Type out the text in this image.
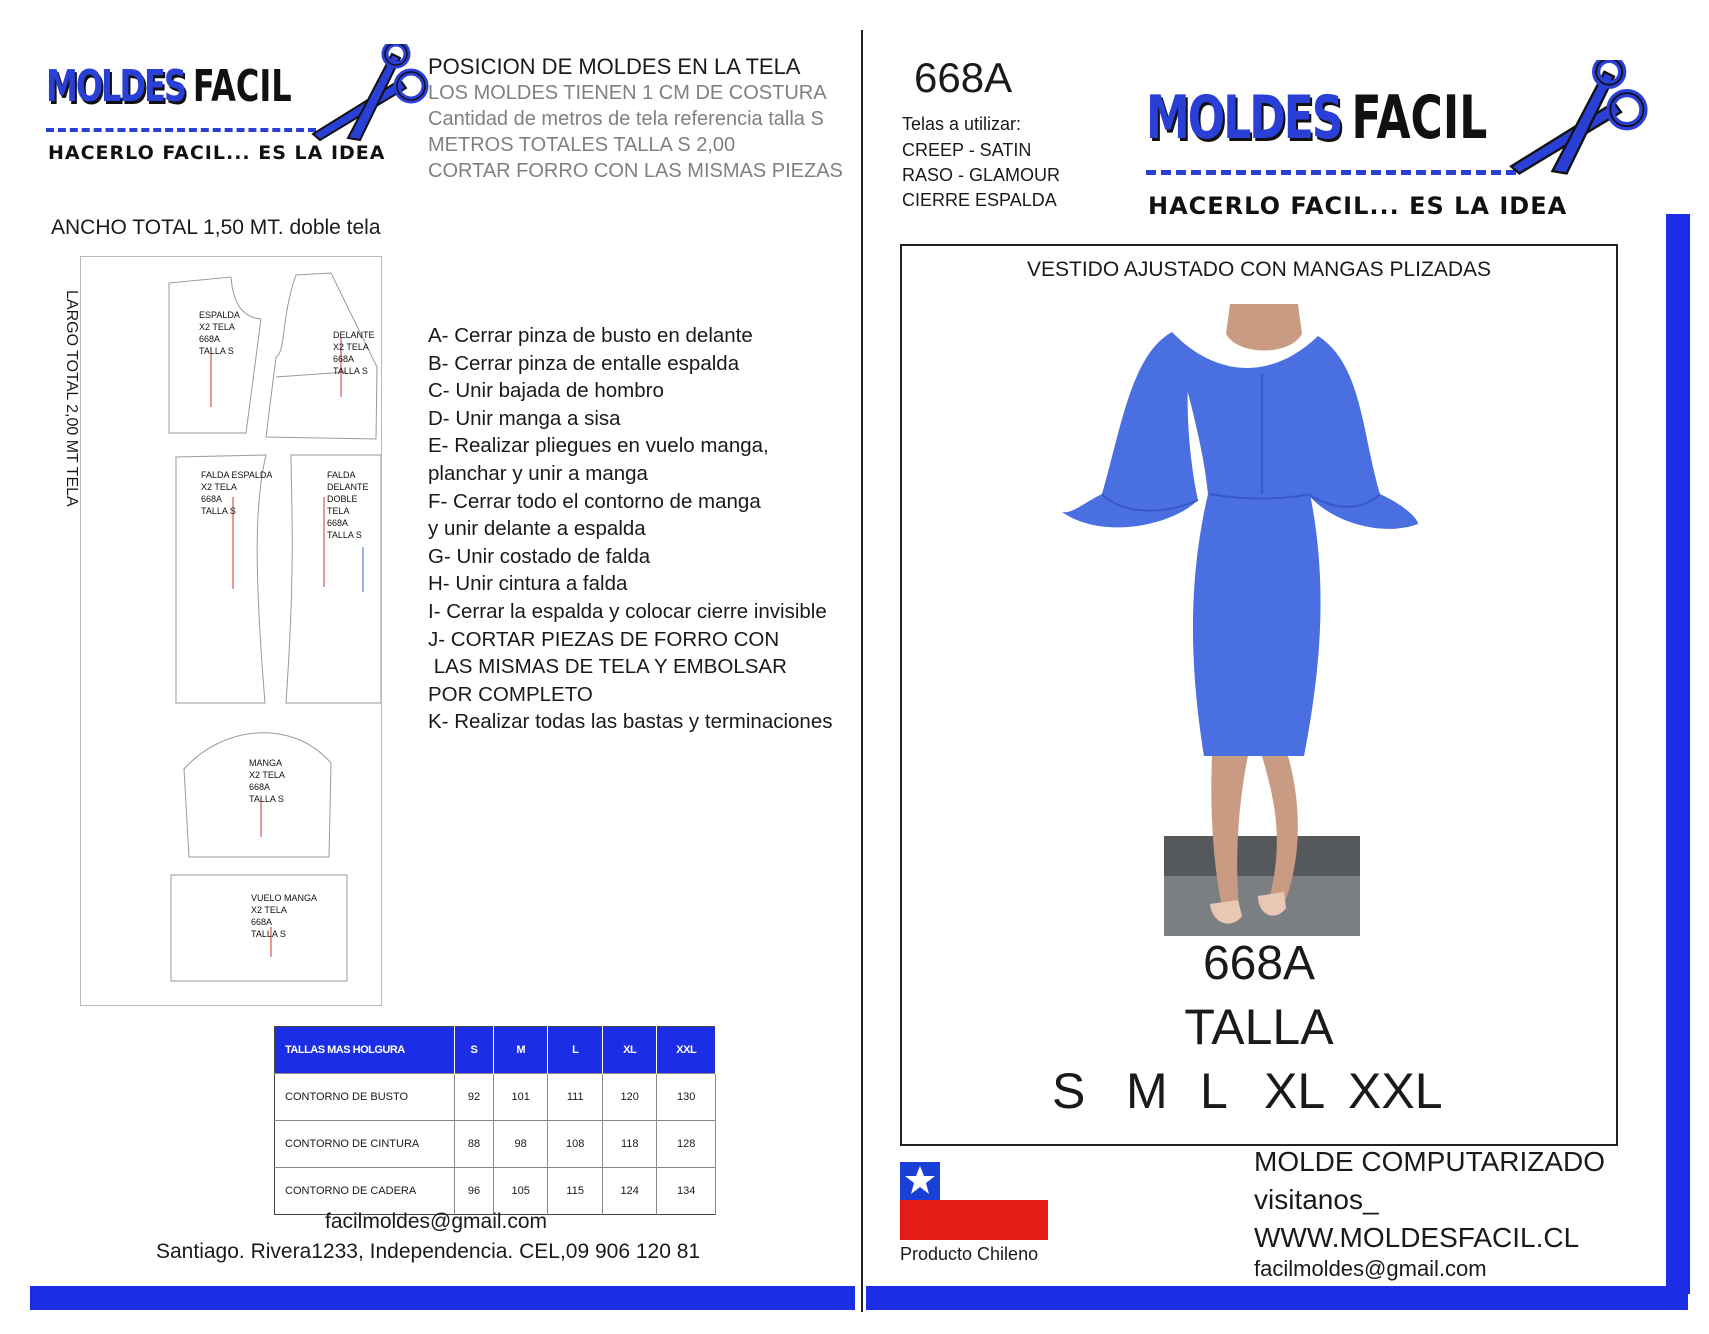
MOLDES FACIL
HACERLO FACIL... ES LA IDEA
POSICION DE MOLDES EN LA TELA
LOS MOLDES TIENEN 1 CM DE COSTURA
Cantidad de metros de tela referencia talla S
METROS TOTALES TALLA S 2,00
CORTAR FORRO CON LAS MISMAS PIEZAS
ANCHO TOTAL 1,50 MT. doble tela
LARGO TOTAL 2,00 MT TELA	ESPALDA
X2 TELA
668A
TALLA S
DELANTE
X2 TELA
668A
TALLA S
FALDA ESPALDA
X2 TELA
668A
TALLA S
FALDA DELANTE
DOBLE TELA
668A
TALLA S
MANGA
X2 TELA
668A
TALLA S
VUELO MANGA
X2 TELA
668A
TALLA S
A- Cerrar pinza de busto en delante
B- Cerrar pinza de entalle espalda
C- Unir bajada de hombro
D- Unir manga a sisa
E- Realizar pliegues en vuelo manga,
planchar y unir a manga
F- Cerrar todo el contorno de manga
y unir delante a espalda
G- Unir costado de falda
H- Unir cintura a falda
I- Cerrar la espalda y colocar cierre invisible
J- CORTAR PIEZAS DE FORRO CON
LAS MISMAS DE TELA Y EMBOLSAR
POR COMPLETO
K- Realizar todas las bastas y terminaciones
TALLAS MAS HOLGURA	S	M	L	XL	XXL
CONTORNO DE BUSTO	92	101	111	120	130
CONTORNO DE CINTURA	88	98	108	118	128
CONTORNO DE CADERA	96	105	115	124	134
facilmoldes@gmail.com
Santiago. Rivera1233, Independencia. CEL,09 906 120 81
668A
Telas a utilizar:
CREEP - SATIN
RASO - GLAMOUR
CIERRE ESPALDA
MOLDES FACIL
HACERLO FACIL... ES LA IDEA
VESTIDO AJUSTADO CON MANGAS PLIZADAS
668A
TALLA
S M L XL XXL
Producto Chileno
MOLDE COMPUTARIZADO
visitanos_
WWW.MOLDESFACIL.CL
facilmoldes@gmail.com
